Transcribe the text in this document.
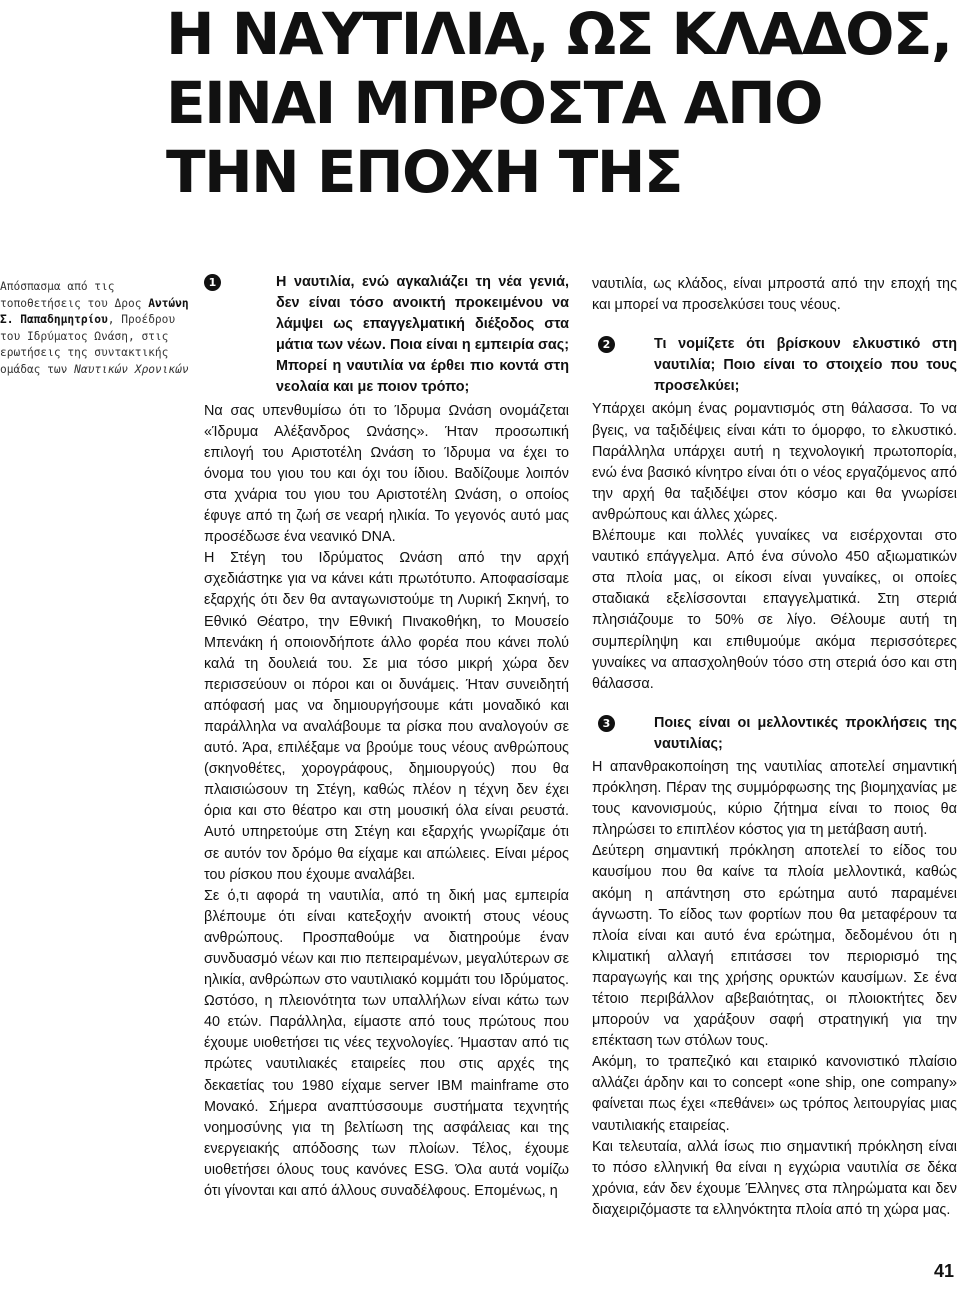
Η ΝΑΥΤΙΛΙΑ, ΩΣ ΚΛΑΔΟΣ,
ΕΙΝΑΙ ΜΠΡΟΣΤΑ ΑΠΟ
ΤΗΝ ΕΠΟΧΗ ΤΗΣ
Απόσπασμα από τις τοποθετήσεις του Δρος Αντώνη Σ. Παπαδημητρίου, Προέδρου του Ιδρύματος Ωνάση, στις ερωτήσεις της συντακτικής ομάδας των Ναυτικών Χρονικών
1	Η ναυτιλία, ενώ αγκαλιάζει τη νέα γενιά, δεν είναι τόσο ανοικτή προκειμένου να λάμψει ως επαγγελματική διέξοδος στα μάτια των νέων. Ποια είναι η εμπειρία σας; Μπορεί η ναυτιλία να έρθει πιο κοντά στη νεολαία και με ποιον τρόπο;

Να σας υπενθυμίσω ότι το Ίδρυμα Ωνάση ονομάζεται «Ίδρυμα Αλέξανδρος Ωνάσης». Ήταν προσωπική επιλογή του Αριστοτέλη Ωνάση το Ίδρυμα να έχει το όνομα του γιου του και όχι του ίδιου. Βαδίζουμε λοιπόν στα χνάρια του γιου του Αριστοτέλη Ωνάση, ο οποίος έφυγε από τη ζωή σε νεαρή ηλικία. Το γεγονός αυτό μας προσέδωσε ένα νεανικό DNA.

Η Στέγη του Ιδρύματος Ωνάση από την αρχή σχεδιάστηκε για να κάνει κάτι πρωτότυπο. Αποφασίσαμε εξαρχής ότι δεν θα ανταγωνιστούμε τη Λυρική Σκηνή, το Εθνικό Θέατρο, την Εθνική Πινακοθήκη, το Μουσείο Μπενάκη ή οποιονδήποτε άλλο φορέα που κάνει πολύ καλά τη δουλειά του. Σε μια τόσο μικρή χώρα δεν περισσεύουν οι πόροι και οι δυνάμεις. Ήταν συνειδητή απόφασή μας να δημιουργήσουμε κάτι μοναδικό και παράλληλα να αναλάβουμε τα ρίσκα που αναλογούν σε αυτό. Άρα, επιλέξαμε να βρούμε τους νέους ανθρώπους (σκηνοθέτες, χορογράφους, δημιουργούς) που θα πλαισιώσουν τη Στέγη, καθώς πλέον η τέχνη δεν έχει όρια και στο θέατρο και στη μουσική όλα είναι ρευστά. Αυτό υπηρετούμε στη Στέγη και εξαρχής γνωρίζαμε ότι σε αυτόν τον δρόμο θα είχαμε και απώλειες. Είναι μέρος του ρίσκου που έχουμε αναλάβει.

Σε ό,τι αφορά τη ναυτιλία, από τη δική μας εμπειρία βλέπουμε ότι είναι κατεξοχήν ανοικτή στους νέους ανθρώπους. Προσπαθούμε να διατηρούμε έναν συνδυασμό νέων και πιο πεπειραμένων, μεγαλύτερων σε ηλικία, ανθρώπων στο ναυτιλιακό κομμάτι του Ιδρύματος. Ωστόσο, η πλειονότητα των υπαλλήλων είναι κάτω των 40 ετών. Παράλληλα, είμαστε από τους πρώτους που έχουμε υιοθετήσει τις νέες τεχνολογίες. Ήμασταν από τις πρώτες ναυτιλιακές εταιρείες που στις αρχές της δεκαετίας του 1980 είχαμε server IBM mainframe στο Μονακό. Σήμερα αναπτύσσουμε συστήματα τεχνητής νοημοσύνης για τη βελτίωση της ασφάλειας και της ενεργειακής απόδοσης των πλοίων. Τέλος, έχουμε υιοθετήσει όλους τους κανόνες ESG. Όλα αυτά νομίζω ότι γίνονται και από άλλους συναδέλφους. Επομένως, η

ναυτιλία, ως κλάδος, είναι μπροστά από την εποχή της και μπορεί να προσελκύσει τους νέους.

2	Τι νομίζετε ότι βρίσκουν ελκυστικό στη ναυτιλία; Ποιο είναι το στοιχείο που τους προσελκύει;

Υπάρχει ακόμη ένας ρομαντισμός στη θάλασσα. Το να βγεις, να ταξιδέψεις είναι κάτι το όμορφο, το ελκυστικό. Παράλληλα υπάρχει αυτή η τεχνολογική πρωτοπορία, ενώ ένα βασικό κίνητρο είναι ότι ο νέος εργαζόμενος από την αρχή θα ταξιδέψει στον κόσμο και θα γνωρίσει ανθρώπους και άλλες χώρες.

Βλέπουμε και πολλές γυναίκες να εισέρχονται στο ναυτικό επάγγελμα. Από ένα σύνολο 450 αξιωματικών στα πλοία μας, οι είκοσι είναι γυναίκες, οι οποίες σταδιακά εξελίσσονται επαγγελματικά. Στη στεριά πλησιάζουμε το 50% σε λίγο. Θέλουμε αυτή τη συμπερίληψη και επιθυμούμε ακόμα περισσότερες γυναίκες να απασχοληθούν τόσο στη στεριά όσο και στη θάλασσα.

3	Ποιες είναι οι μελλοντικές προκλήσεις της ναυτιλίας;

Η απανθρακοποίηση της ναυτιλίας αποτελεί σημαντική πρόκληση. Πέραν της συμμόρφωσης της βιομηχανίας με τους κανονισμούς, κύριο ζήτημα είναι το ποιος θα πληρώσει το επιπλέον κόστος για τη μετάβαση αυτή.

Δεύτερη σημαντική πρόκληση αποτελεί το είδος του καυσίμου που θα καίνε τα πλοία μελλοντικά, καθώς ακόμη η απάντηση στο ερώτημα αυτό παραμένει άγνωστη. Το είδος των φορτίων που θα μεταφέρουν τα πλοία είναι και αυτό ένα ερώτημα, δεδομένου ότι η κλιματική αλλαγή επιτάσσει τον περιορισμό της παραγωγής και της χρήσης ορυκτών καυσίμων. Σε ένα τέτοιο περιβάλλον αβεβαιότητας, οι πλοιοκτήτες δεν μπορούν να χαράξουν σαφή στρατηγική για την επέκταση των στόλων τους.

Ακόμη, το τραπεζικό και εταιρικό κανονιστικό πλαίσιο αλλάζει άρδην και το concept «one ship, one company» φαίνεται πως έχει «πεθάνει» ως τρόπος λειτουργίας μιας ναυτιλιακής εταιρείας.

Και τελευταία, αλλά ίσως πιο σημαντική πρόκληση είναι το πόσο ελληνική θα είναι η εγχώρια ναυτιλία σε δέκα χρόνια, εάν δεν έχουμε Έλληνες στα πληρώματα και δεν διαχειριζόμαστε τα ελληνόκτητα πλοία από τη χώρα μας.

41
